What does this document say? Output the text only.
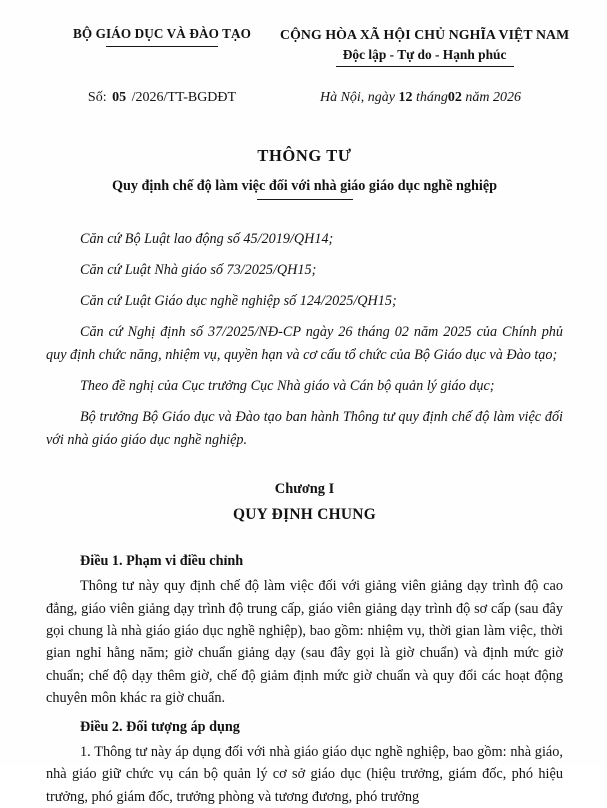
BỘ GIÁO DỤC VÀ ĐÀO TẠO	CỘNG HÒA XÃ HỘI CHỦ NGHĨA VIỆT NAM
Độc lập - Tự do - Hạnh phúc
Số: 05 /2026/TT-BGDĐT	Hà Nội, ngày 12 tháng02 năm 2026
THÔNG TƯ
Quy định chế độ làm việc đối với nhà giáo giáo dục nghề nghiệp

Căn cứ Bộ Luật lao động số 45/2019/QH14;

Căn cứ Luật Nhà giáo số 73/2025/QH15;

Căn cứ Luật Giáo dục nghề nghiệp số 124/2025/QH15;

Căn cứ Nghị định số 37/2025/NĐ-CP ngày 26 tháng 02 năm 2025 của Chính phủ quy định chức năng, nhiệm vụ, quyền hạn và cơ cấu tổ chức của Bộ Giáo dục và Đào tạo;

Theo đề nghị của Cục trưởng Cục Nhà giáo và Cán bộ quản lý giáo dục;

Bộ trưởng Bộ Giáo dục và Đào tạo ban hành Thông tư quy định chế độ làm việc đối với nhà giáo giáo dục nghề nghiệp.

Chương I
QUY ĐỊNH CHUNG

Điều 1. Phạm vi điều chỉnh

Thông tư này quy định chế độ làm việc đối với giảng viên giảng dạy trình độ cao đẳng, giáo viên giảng dạy trình độ trung cấp, giáo viên giảng dạy trình độ sơ cấp (sau đây gọi chung là nhà giáo giáo dục nghề nghiệp), bao gồm: nhiệm vụ, thời gian làm việc, thời gian nghỉ hằng năm; giờ chuẩn giảng dạy (sau đây gọi là giờ chuẩn) và định mức giờ chuẩn; chế độ dạy thêm giờ, chế độ giảm định mức giờ chuẩn và quy đổi các hoạt động chuyên môn khác ra giờ chuẩn.

Điều 2. Đối tượng áp dụng

1. Thông tư này áp dụng đối với nhà giáo giáo dục nghề nghiệp, bao gồm: nhà giáo, nhà giáo giữ chức vụ cán bộ quản lý cơ sở giáo dục (hiệu trưởng, giám đốc, phó hiệu trưởng, phó giám đốc, trưởng phòng và tương đương, phó trưởng
